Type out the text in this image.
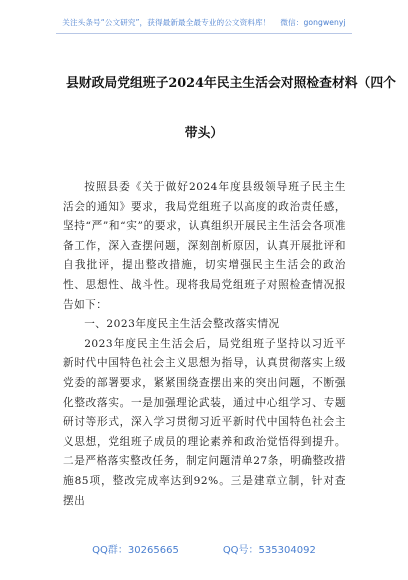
关注头条号“公文研究”，获得最新最全最专业的公文资料库！ 微信：gongwenyj
县财政局党组班子2024年民主生活会对照检查材料（四个
带头）

按照县委《关于做好2024年度县级领导班子民主生活会的通知》要求，我局党组班子以高度的政治责任感，坚持“严”和“实”的要求，认真组织开展民主生活会各项准备工作，深入查摆问题，深刻剖析原因，认真开展批评和自我批评，提出整改措施，切实增强民主生活会的政治性、思想性、战斗性。现将我局党组班子对照检查情况报告如下：

一、2023年度民主生活会整改落实情况

2023年度民主生活会后，局党组班子坚持以习近平新时代中国特色社会主义思想为指导，认真贯彻落实上级党委的部署要求，紧紧围绕查摆出来的突出问题，不断强化整改落实。一是加强理论武装，通过中心组学习、专题研讨等形式，深入学习贯彻习近平新时代中国特色社会主义思想，党组班子成员的理论素养和政治觉悟得到提升。二是严格落实整改任务，制定问题清单27条，明确整改措施85项，整改完成率达到92%。三是建章立制，针对查摆出

QQ群：30265665	QQ号：535304092
